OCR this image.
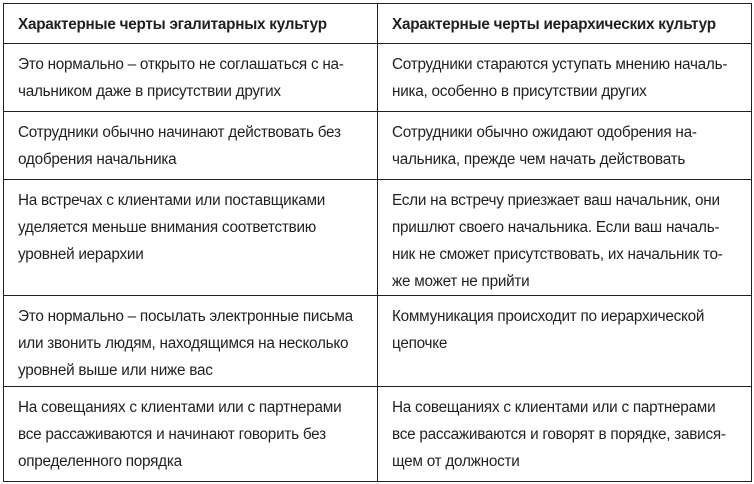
Характерные черты эгалитарных культур	Характерные черты иерархических культур

Это нормально – открыто не соглашаться с на-
чальником даже в присутствии других	Сотрудники стараются уступать мнению началь-
ника, особенно в присутствии других

Сотрудники обычно начинают действовать без
одобрения начальника	Сотрудники обычно ожидают одобрения на-
чальника, прежде чем начать действовать

На встречах с клиентами или поставщиками
уделяется меньше внимания соответствию
уровней иерархии	Если на встречу приезжает ваш начальник, они
пришлют своего начальника. Если ваш началь-
ник не сможет присутствовать, их начальник то-
же может не прийти

Это нормально – посылать электронные письма
или звонить людям, находящимся на несколько
уровней выше или ниже вас	Коммуникация происходит по иерархической
цепочке

На совещаниях с клиентами или с партнерами
все рассаживаются и начинают говорить без
определенного порядка	На совещаниях с клиентами или с партнерами
все рассаживаются и говорят в порядке, завися-
щем от должности
